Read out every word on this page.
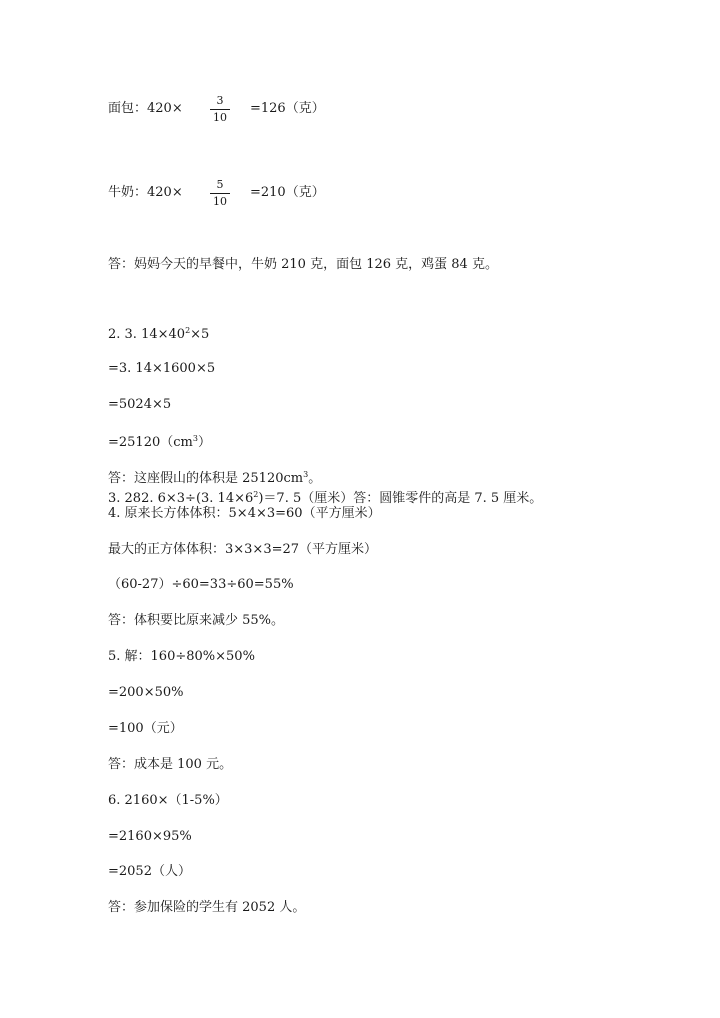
面包：420×
3
10
=126（克）
牛奶：420×
5
10
=210（克）
答：妈妈今天的早餐中，牛奶 210 克，面包 126 克，鸡蛋 84 克。
2. 3. $14\times 40^2\times 5$
=3. 14×1600×5
=5024×5
$=25120(cm^3)$
答：这座假山的体积是 $25120cm^3$。
3. 282. 6×3÷(3. $14\times 6^2)=7$. 5（厘米）答：圆锥零件的高是 7. 5 厘米。
4. 原来长方体体积：5×4×3=60（平方厘米）
最大的正方体体积：3×3×3=27（平方厘米）
（60-27）÷60=33÷60=55%
答：体积要比原来减少 55%。
5. 解：160÷80%×50%
=200×50%
=100（元）
答：成本是 100 元。
6. 2160×（1-5%）
=2160×95%
=2052（人）
答：参加保险的学生有 2052 人。
